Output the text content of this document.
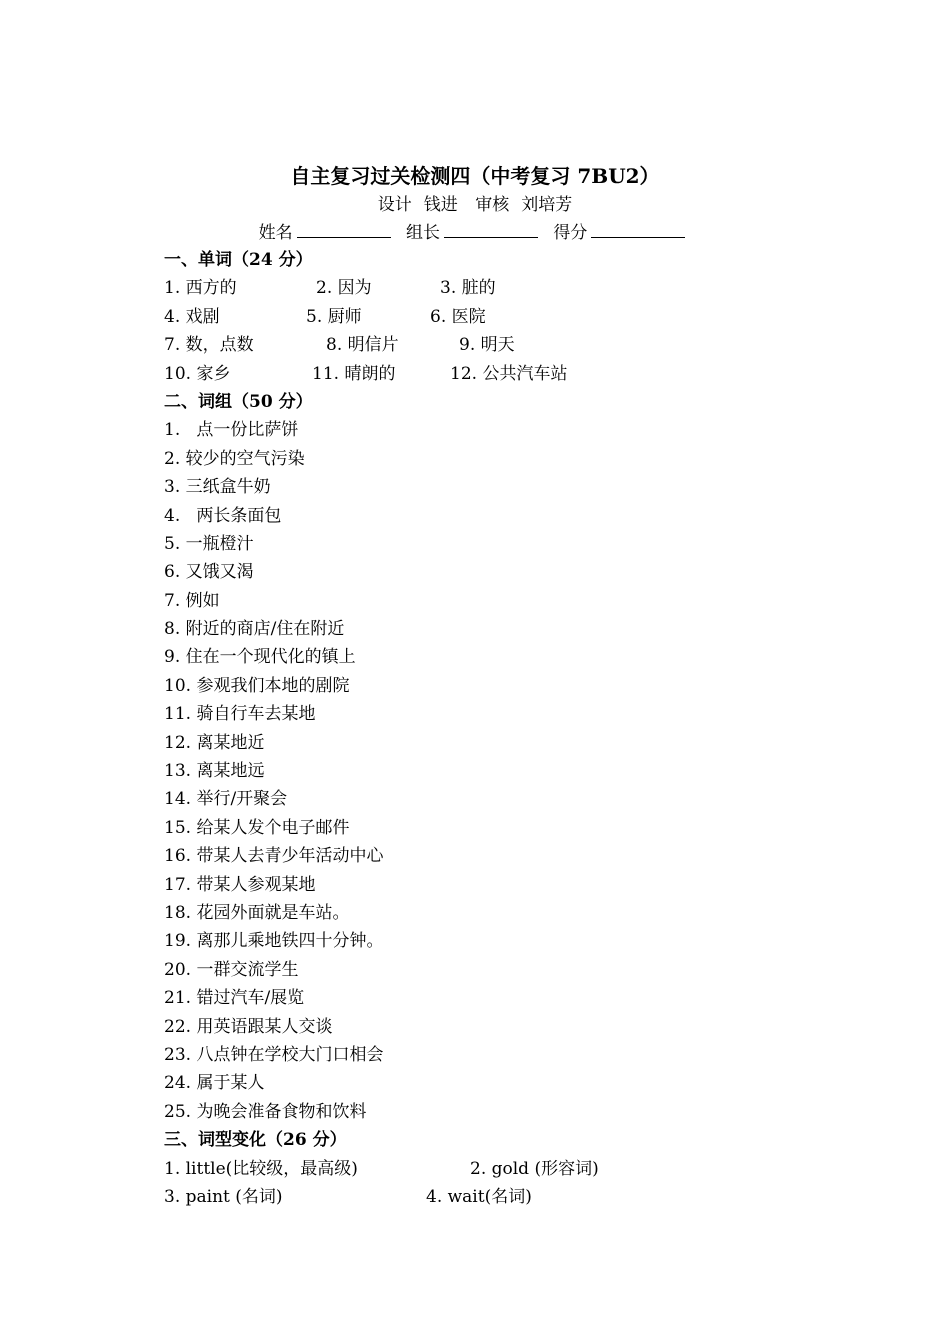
自主复习过关检测四（中考复习 7BU2）
设计 钱进 审核 刘培芳
姓名	组长	得分
一、单词（24 分）
1. 西方的	2. 因为	3. 脏的
4. 戏剧	5. 厨师	6. 医院
7. 数，点数	8. 明信片	9. 明天
10. 家乡	11. 晴朗的	12. 公共汽车站
二、词组（50 分）
1.   点一份比萨饼
2. 较少的空气污染
3. 三纸盒牛奶
4.   两长条面包
5. 一瓶橙汁
6. 又饿又渴
7. 例如
8. 附近的商店/住在附近
9. 住在一个现代化的镇上
10. 参观我们本地的剧院
11. 骑自行车去某地
12. 离某地近
13. 离某地远
14. 举行/开聚会
15. 给某人发个电子邮件
16. 带某人去青少年活动中心
17. 带某人参观某地
18. 花园外面就是车站。
19. 离那儿乘地铁四十分钟。
20. 一群交流学生
21. 错过汽车/展览
22. 用英语跟某人交谈
23. 八点钟在学校大门口相会
24. 属于某人
25. 为晚会准备食物和饮料
三、词型变化（26 分）
1. little(比较级，最高级)	2. gold (形容词)
3. paint (名词)	4. wait(名词)
